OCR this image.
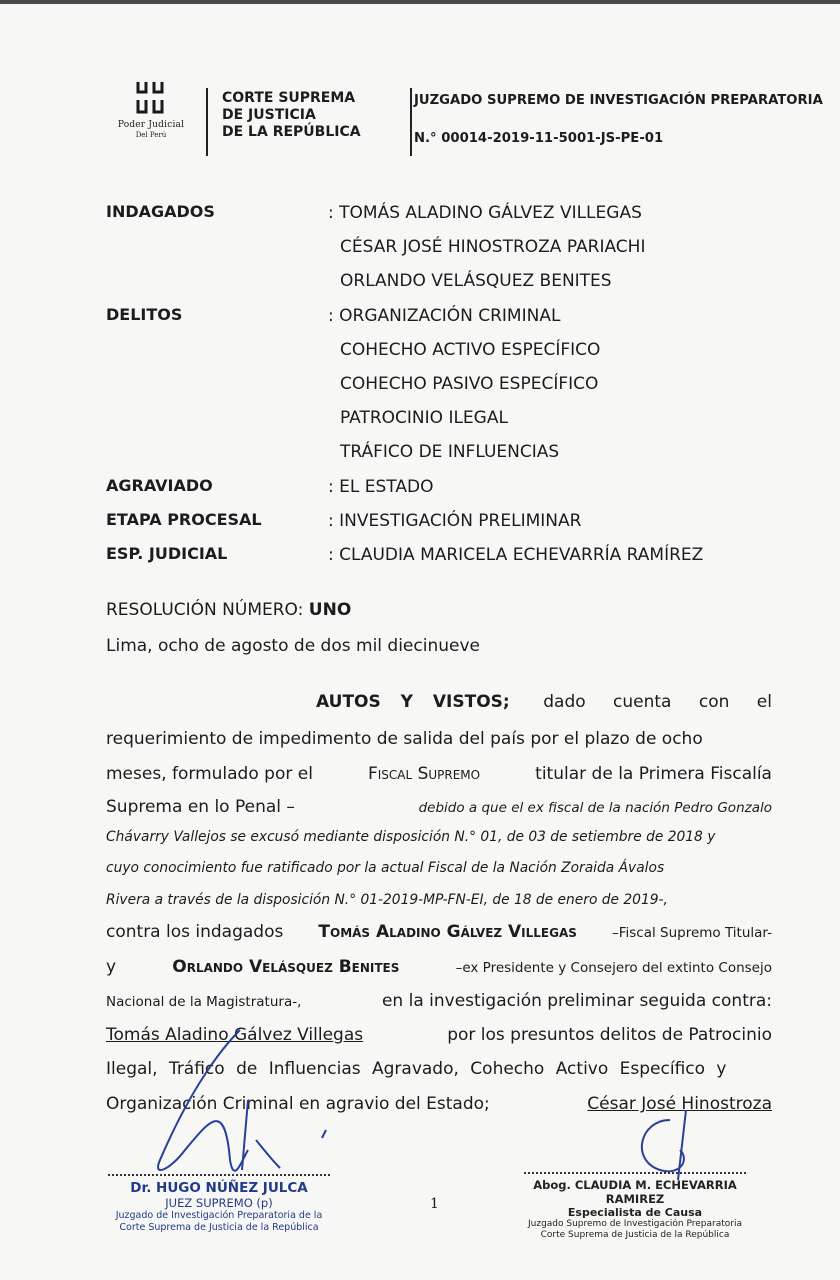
Poder Judicial
Del Perú
CORTE SUPREMA
DE JUSTICIA
DE LA REPÚBLICA
JUZGADO SUPREMO DE INVESTIGACIÓN PREPARATORIA
N.° 00014-2019-11-5001-JS-PE-01
INDAGADOS	: TOMÁS ALADINO GÁLVEZ VILLEGAS
CÉSAR JOSÉ HINOSTROZA PARIACHI
ORLANDO VELÁSQUEZ BENITES
DELITOS	: ORGANIZACIÓN CRIMINAL
COHECHO ACTIVO ESPECÍFICO
COHECHO PASIVO ESPECÍFICO
PATROCINIO ILEGAL
TRÁFICO DE INFLUENCIAS
AGRAVIADO	: EL ESTADO
ETAPA PROCESAL	: INVESTIGACIÓN PRELIMINAR
ESP. JUDICIAL	: CLAUDIA MARICELA ECHEVARRÍA RAMÍREZ
RESOLUCIÓN NÚMERO: UNO
Lima, ocho de agosto de dos mil diecinueve
AUTOS Y VISTOS; dado cuenta con el
requerimiento de impedimento de salida del país por el plazo de ocho
meses, formulado por el	Fiscal Supremo	titular de la Primera Fiscalía
Suprema en lo Penal –	debido a que el ex fiscal de la nación Pedro Gonzalo
Chávarry Vallejos se excusó mediante disposición N.° 01, de 03 de setiembre de 2018 y
cuyo conocimiento fue ratificado por la actual Fiscal de la Nación Zoraida Ávalos
Rivera a través de la disposición N.° 01-2019-MP-FN-EI, de 18 de enero de 2019-,
contra los indagados Tomás Aladino Gálvez Villegas	–Fiscal Supremo Titular-
y	Orlando Velásquez Benites	–ex Presidente y Consejero del extinto Consejo
Nacional de la Magistratura-,	en la investigación preliminar seguida contra:
Tomás Aladino Gálvez Villegas	por los presuntos delitos de Patrocinio
Ilegal, Tráfico de Influencias Agravado, Cohecho Activo Específico y
Organización Criminal en agravio del Estado;	César José Hinostroza
Dr. HUGO NÚÑEZ JULCA
JUEZ SUPREMO (p)
Juzgado de Investigación Preparatoria de la
Corte Suprema de Justicia de la República
1
Abog. CLAUDIA M. ECHEVARRIA RAMIREZ
Especialista de Causa
Juzgado Supremo de Investigación Preparatoria
Corte Suprema de Justicia de la República
